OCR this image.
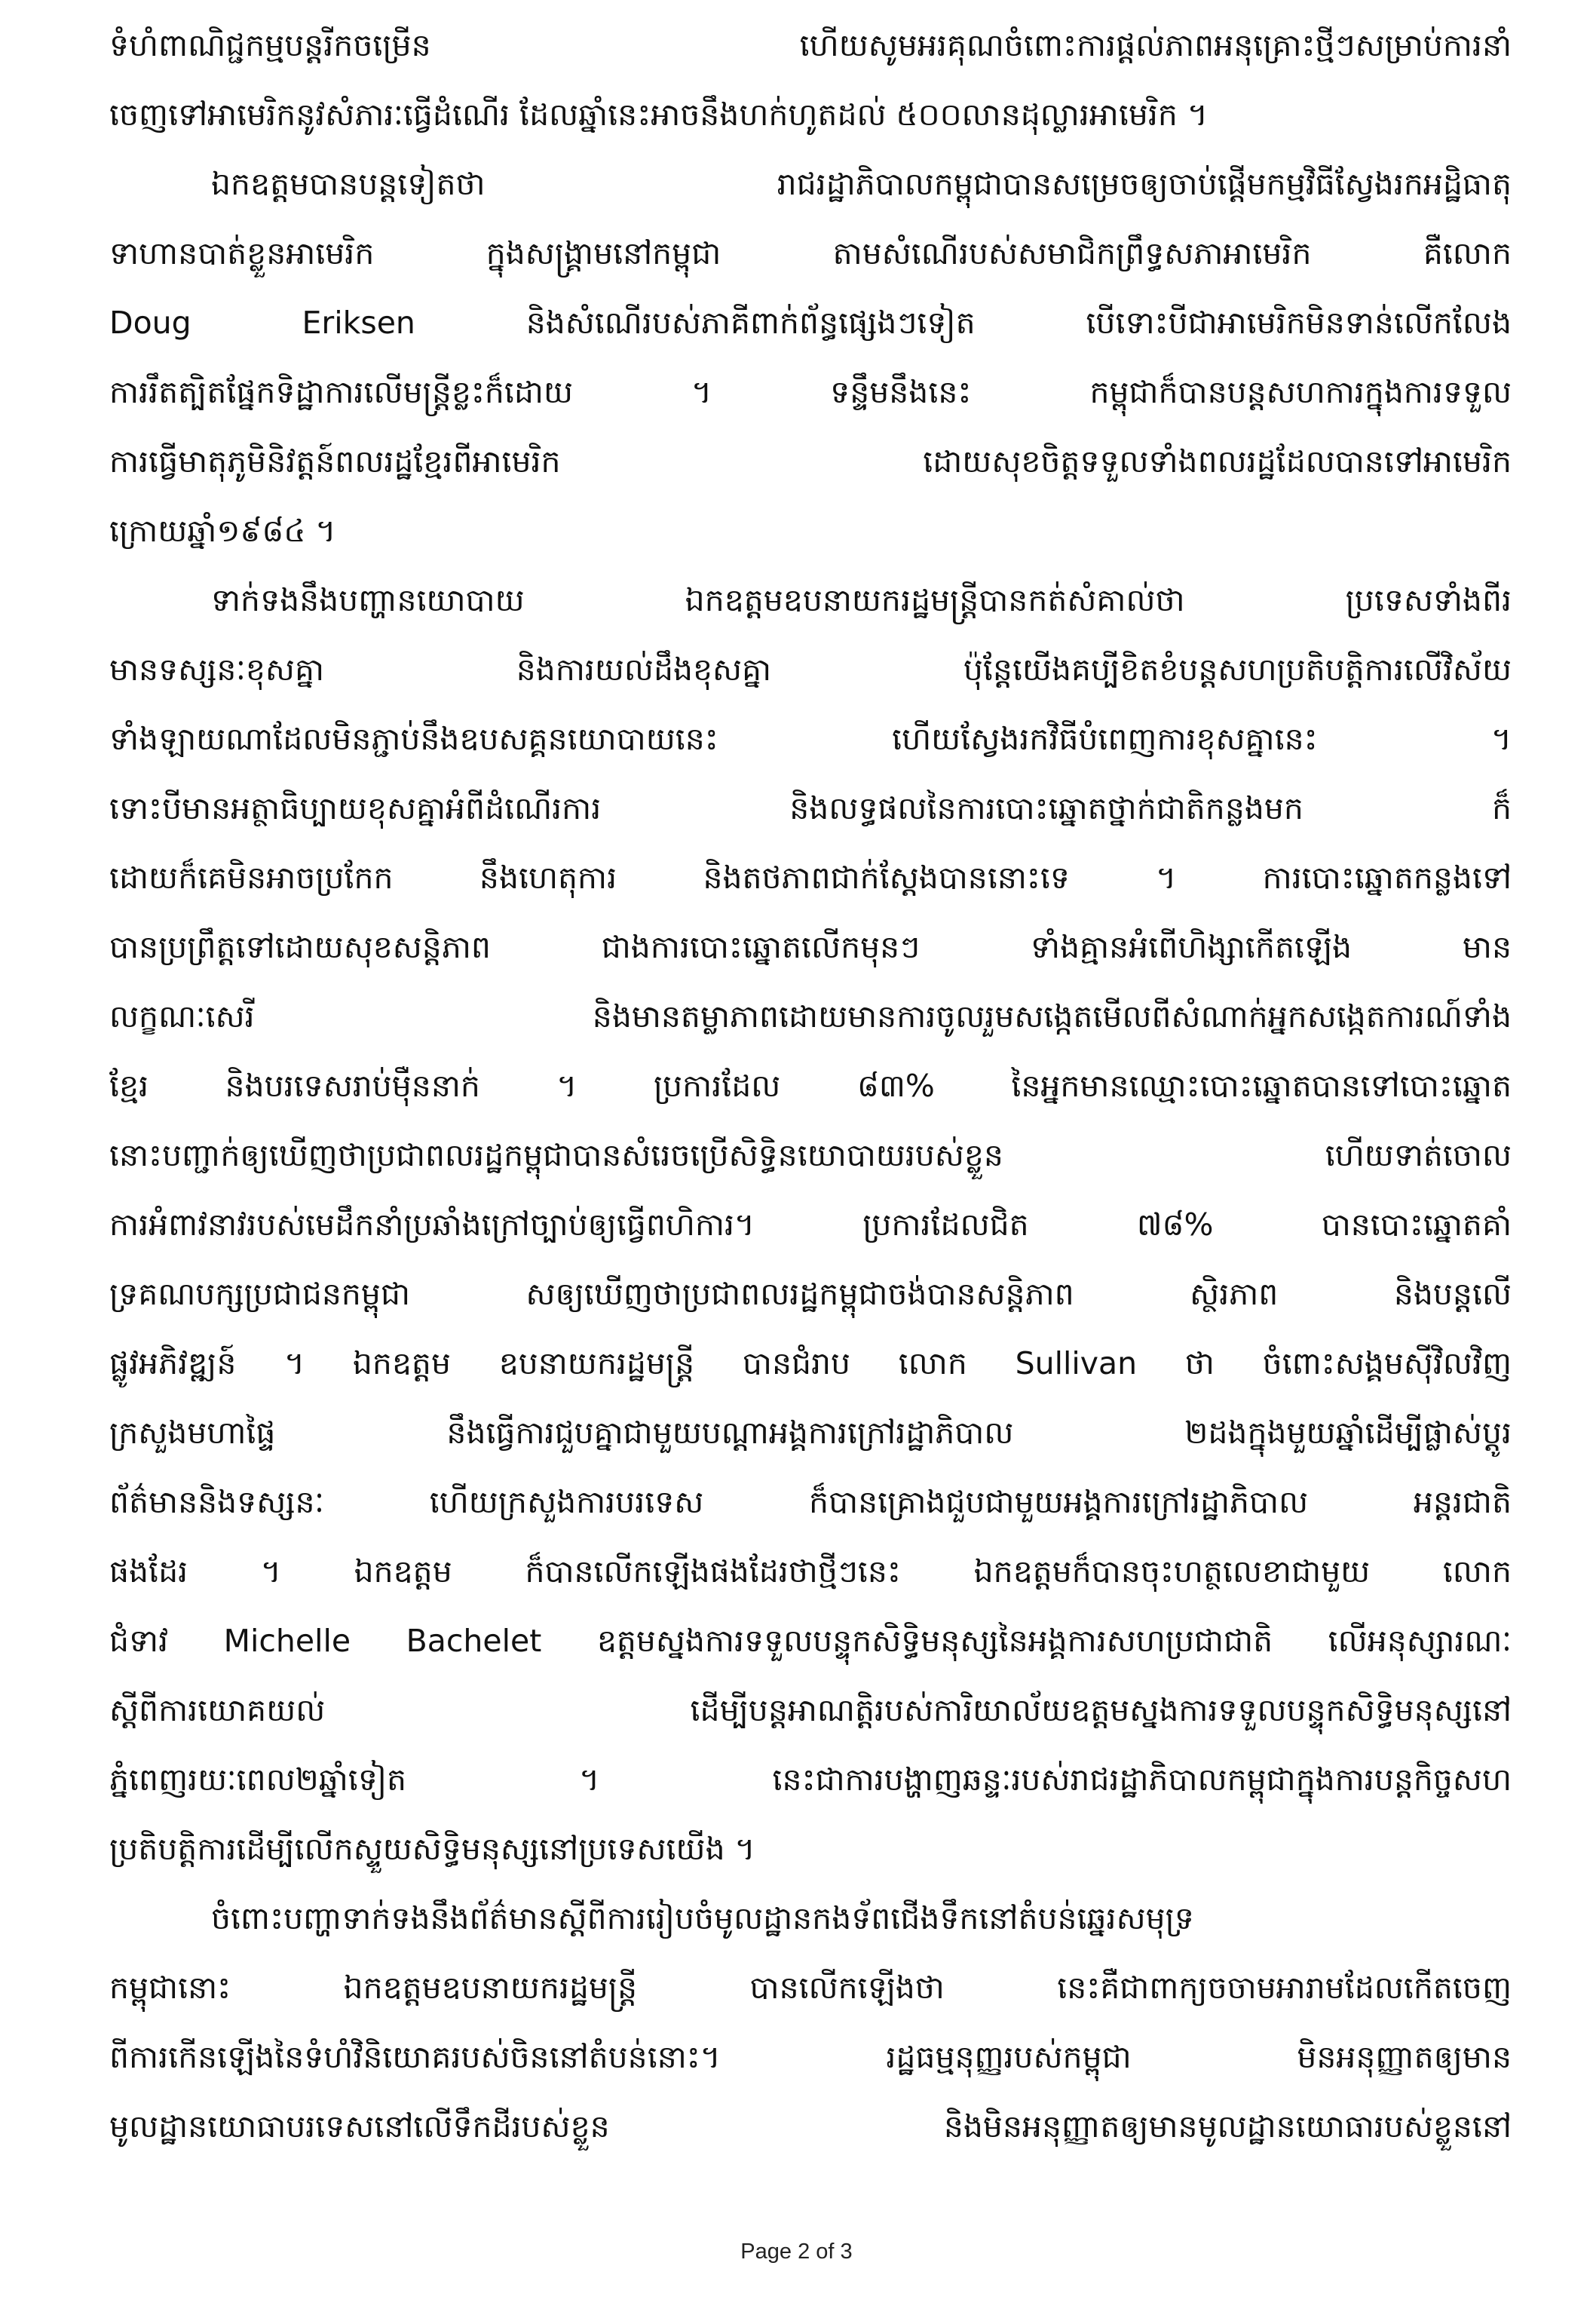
ទំហំពាណិជ្ជកម្មបន្តរីកចម្រើន ហើយសូមអរគុណចំពោះការផ្តល់ភាពអនុគ្រោះថ្មីៗសម្រាប់ការនាំ
ចេញទៅអាមេរិកនូវសំភារៈធ្វើដំណើរ ដែលឆ្នាំនេះអាចនឹងហក់ហូតដល់ ៥០០លានដុល្លារអាមេរិក ។
ឯកឧត្តមបានបន្តទៀតថា រាជរដ្ឋាភិបាលកម្ពុជាបានសម្រេចឲ្យចាប់ផ្តើមកម្មវិធីស្វែងរកអដ្ឋិធាតុ
ទាហានបាត់ខ្លួនអាមេរិក ក្នុងសង្គ្រាមនៅកម្ពុជា តាមសំណើរបស់សមាជិកព្រឹទ្ធសភាអាមេរិក គឺលោក
Doug Eriksen និងសំណើរបស់ភាគីពាក់ព័ន្ធផ្សេងៗទៀត បើទោះបីជាអាមេរិកមិនទាន់លើកលែង
ការរឹតត្បិតផ្នែកទិដ្ឋាការលើមន្ត្រីខ្លះក៏ដោយ ។ ទន្ទឹមនឹងនេះ កម្ពុជាក៏បានបន្តសហការក្នុងការទទួល
ការធ្វើមាតុភូមិនិវត្តន៍ពលរដ្ឋខ្មែរពីអាមេរិក ដោយសុខចិត្តទទួលទាំងពលរដ្ឋដែលបានទៅអាមេរិក
ក្រោយឆ្នាំ១៩៨៤ ។
ទាក់ទងនឹងបញ្ហានយោបាយ ឯកឧត្តមឧបនាយករដ្ឋមន្ត្រីបានកត់សំគាល់ថា ប្រទេសទាំងពីរ
មានទស្សនៈខុសគ្នា និងការយល់ដឹងខុសគ្នា ប៉ុន្តែយើងគប្បីខិតខំបន្តសហប្រតិបត្តិការលើវិស័យ
ទាំងឡាយណាដែលមិនភ្ជាប់នឹងឧបសគ្គនយោបាយនេះ ហើយស្វែងរកវិធីបំពេញការខុសគ្នានេះ ។
ទោះបីមានអត្ថាធិប្បាយខុសគ្នាអំពីដំណើរការ និងលទ្ធផលនៃការបោះឆ្នោតថ្នាក់ជាតិកន្លងមក ក៏
ដោយក៏គេមិនអាចប្រកែក នឹងហេតុការ និងតថភាពជាក់ស្តែងបាននោះទេ ។ ការបោះឆ្នោតកន្លងទៅ
បានប្រព្រឹត្តទៅដោយសុខសន្តិភាព ជាងការបោះឆ្នោតលើកមុនៗ ទាំងគ្មានអំពើហិង្សាកើតឡើង មាន
លក្ខណៈសេរី និងមានតម្លាភាពដោយមានការចូលរួមសង្កេតមើលពីសំណាក់អ្នកសង្កេតការណ៍ទាំង
ខ្មែរ និងបរទេសរាប់ម៉ឺននាក់ ។ ប្រការដែល ៨៣% នៃអ្នកមានឈ្មោះបោះឆ្នោតបានទៅបោះឆ្នោត
នោះបញ្ជាក់ឲ្យឃើញថាប្រជាពលរដ្ឋកម្ពុជាបានសំរេចប្រើសិទ្ធិនយោបាយរបស់ខ្លួន ហើយទាត់ចោល
ការអំពាវនាវរបស់មេដឹកនាំប្រឆាំងក្រៅច្បាប់ឲ្យធ្វើពហិការ។ ប្រការដែលជិត ៧៨% បានបោះឆ្នោតគាំ
ទ្រគណបក្សប្រជាជនកម្ពុជា សឲ្យឃើញថាប្រជាពលរដ្ឋកម្ពុជាចង់បានសន្តិភាព ស្ថិរភាព និងបន្តលើ
ផ្លូវអភិវឌ្ឍន៍ ។ ឯកឧត្តម ឧបនាយករដ្ឋមន្ត្រី បានជំរាប លោក Sullivan ថា ចំពោះសង្គមស៊ីវិលវិញ
ក្រសួងមហាផ្ទៃ នឹងធ្វើការជួបគ្នាជាមួយបណ្តាអង្គការក្រៅរដ្ឋាភិបាល ២ដងក្នុងមួយឆ្នាំដើម្បីផ្លាស់ប្តូរ
ព័ត៌មាននិងទស្សនៈ ហើយក្រសួងការបរទេស ក៏បានគ្រោងជួបជាមួយអង្គការក្រៅរដ្ឋាភិបាល អន្តរជាតិ
ផងដែរ ។ ឯកឧត្តម ក៏បានលើកឡើងផងដែរថាថ្មីៗនេះ ឯកឧត្តមក៏បានចុះហត្ថលេខាជាមួយ លោក
ជំទាវ Michelle Bachelet ឧត្តមស្នងការទទួលបន្ទុកសិទ្ធិមនុស្សនៃអង្គការសហប្រជាជាតិ លើអនុស្សារណៈ
ស្តីពីការយោគយល់ ដើម្បីបន្តអាណត្តិរបស់ការិយាល័យឧត្តមស្នងការទទួលបន្ទុកសិទ្ធិមនុស្សនៅ
ភ្នំពេញរយៈពេល២ឆ្នាំទៀត ។ នេះជាការបង្ហាញឆន្ទៈរបស់រាជរដ្ឋាភិបាលកម្ពុជាក្នុងការបន្តកិច្ចសហ
ប្រតិបត្តិការដើម្បីលើកស្ទួយសិទ្ធិមនុស្សនៅប្រទេសយើង ។
ចំពោះបញ្ហាទាក់ទងនឹងព័ត៌មានស្តីពីការរៀបចំមូលដ្ឋានកងទ័ពជើងទឹកនៅតំបន់ឆ្នេរសមុទ្រ
កម្ពុជានោះ ឯកឧត្តមឧបនាយករដ្ឋមន្ត្រី បានលើកឡើងថា នេះគឺជាពាក្យចចាមអារាមដែលកើតចេញ
ពីការកើនឡើងនៃទំហំវិនិយោគរបស់ចិននៅតំបន់នោះ។ រដ្ឋធម្មនុញ្ញរបស់កម្ពុជា មិនអនុញ្ញាតឲ្យមាន
មូលដ្ឋានយោធាបរទេសនៅលើទឹកដីរបស់ខ្លួន និងមិនអនុញ្ញាតឲ្យមានមូលដ្ឋានយោធារបស់ខ្លួននៅ
Page 2 of 3
